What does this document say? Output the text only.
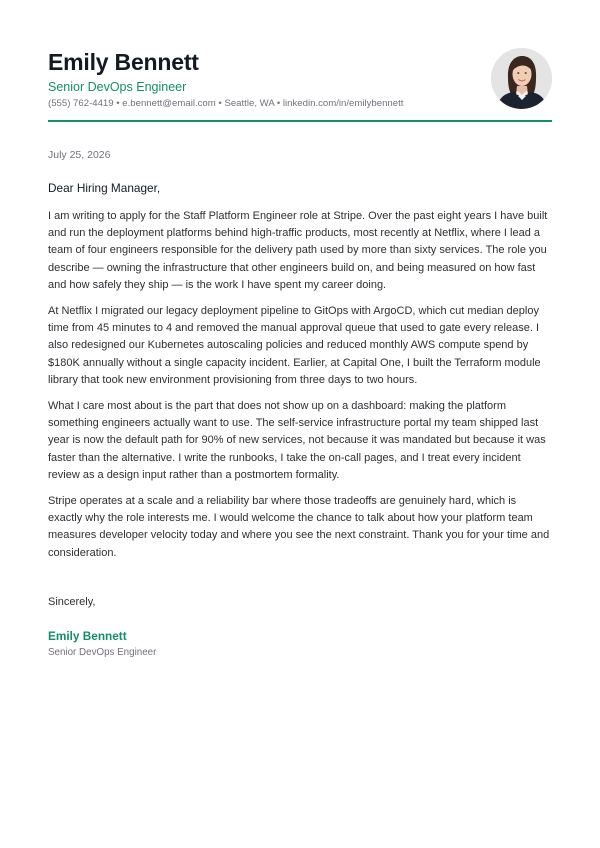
Emily Bennett
Senior DevOps Engineer
(555) 762-4419 • e.bennett@email.com • Seattle, WA • linkedin.com/in/emilybennett
July 25, 2026
Dear Hiring Manager,

I am writing to apply for the Staff Platform Engineer role at Stripe. Over the past eight years I have built and run the deployment platforms behind high-traffic products, most recently at Netflix, where I lead a team of four engineers responsible for the delivery path used by more than sixty services. The role you describe — owning the infrastructure that other engineers build on, and being measured on how fast and how safely they ship — is the work I have spent my career doing.

At Netflix I migrated our legacy deployment pipeline to GitOps with ArgoCD, which cut median deploy time from 45 minutes to 4 and removed the manual approval queue that used to gate every release. I also redesigned our Kubernetes autoscaling policies and reduced monthly AWS compute spend by $180K annually without a single capacity incident. Earlier, at Capital One, I built the Terraform module library that took new environment provisioning from three days to two hours.

What I care most about is the part that does not show up on a dashboard: making the platform something engineers actually want to use. The self-service infrastructure portal my team shipped last year is now the default path for 90% of new services, not because it was mandated but because it was faster than the alternative. I write the runbooks, I take the on-call pages, and I treat every incident review as a design input rather than a postmortem formality.

Stripe operates at a scale and a reliability bar where those tradeoffs are genuinely hard, which is exactly why the role interests me. I would welcome the chance to talk about how your platform team measures developer velocity today and where you see the next constraint. Thank you for your time and consideration.

Sincerely,
Emily Bennett
Senior DevOps Engineer
